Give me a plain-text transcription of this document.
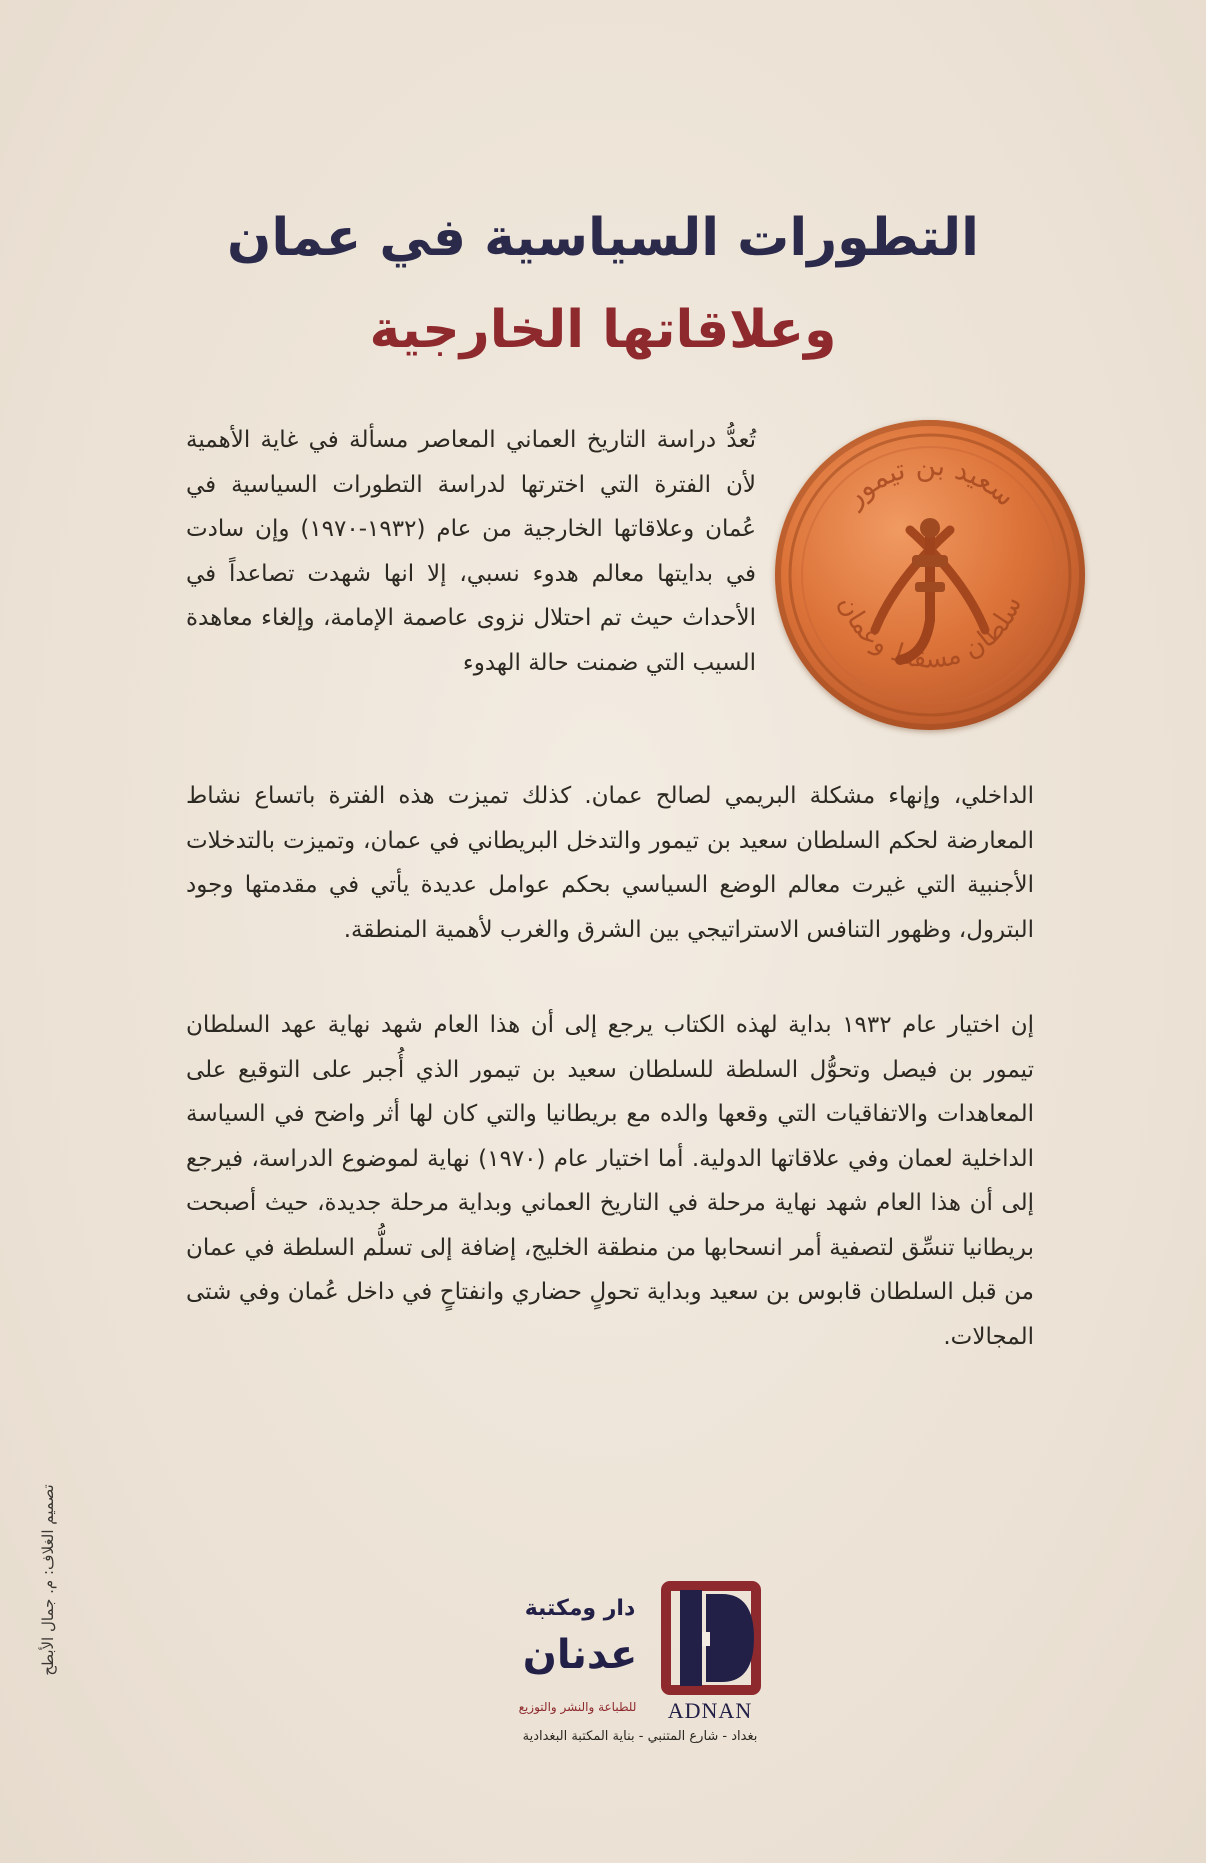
التطورات السياسية في عمان
وعلاقاتها الخارجية
سعيد بن تيمور
سلطان مسقط وعمان

تُعدُّ دراسة التاريخ العماني المعاصر مسألة في غاية الأهمية لأن الفترة التي اخترتها لدراسة التطورات السياسية في عُمان وعلاقاتها الخارجية من عام (١٩٣٢-١٩٧٠) وإن سادت في بدايتها معالم هدوء نسبي، إلا انها شهدت تصاعداً في الأحداث حيث تم احتلال نزوى عاصمة الإمامة، وإلغاء معاهدة السيب التي ضمنت حالة الهدوء

الداخلي، وإنهاء مشكلة البريمي لصالح عمان. كذلك تميزت هذه الفترة باتساع نشاط المعارضة لحكم السلطان سعيد بن تيمور والتدخل البريطاني في عمان، وتميزت بالتدخلات الأجنبية التي غيرت معالم الوضع السياسي بحكم عوامل عديدة يأتي في مقدمتها وجود البترول، وظهور التنافس الاستراتيجي بين الشرق والغرب لأهمية المنطقة.

إن اختيار عام ١٩٣٢ بداية لهذه الكتاب يرجع إلى أن هذا العام شهد نهاية عهد السلطان تيمور بن فيصل وتحوُّل السلطة للسلطان سعيد بن تيمور الذي أُجبر على التوقيع على المعاهدات والاتفاقيات التي وقعها والده مع بريطانيا والتي كان لها أثر واضح في السياسة الداخلية لعمان وفي علاقاتها الدولية. أما اختيار عام (١٩٧٠) نهاية لموضوع الدراسة، فيرجع إلى أن هذا العام شهد نهاية مرحلة في التاريخ العماني وبداية مرحلة جديدة، حيث أصبحت بريطانيا تنسِّق لتصفية أمر انسحابها من منطقة الخليج، إضافة إلى تسلُّم السلطة في عمان من قبل السلطان قابوس بن سعيد وبداية تحولٍ حضاري وانفتاحٍ في داخل عُمان وفي شتى المجالات.

تصميم الغلاف: م. جمال الأبطح
ADNAN
دار ومكتبة
عدنان
للطباعة والنشر والتوزيع
بغداد - شارع المتنبي - بناية المكتبة البغدادية
